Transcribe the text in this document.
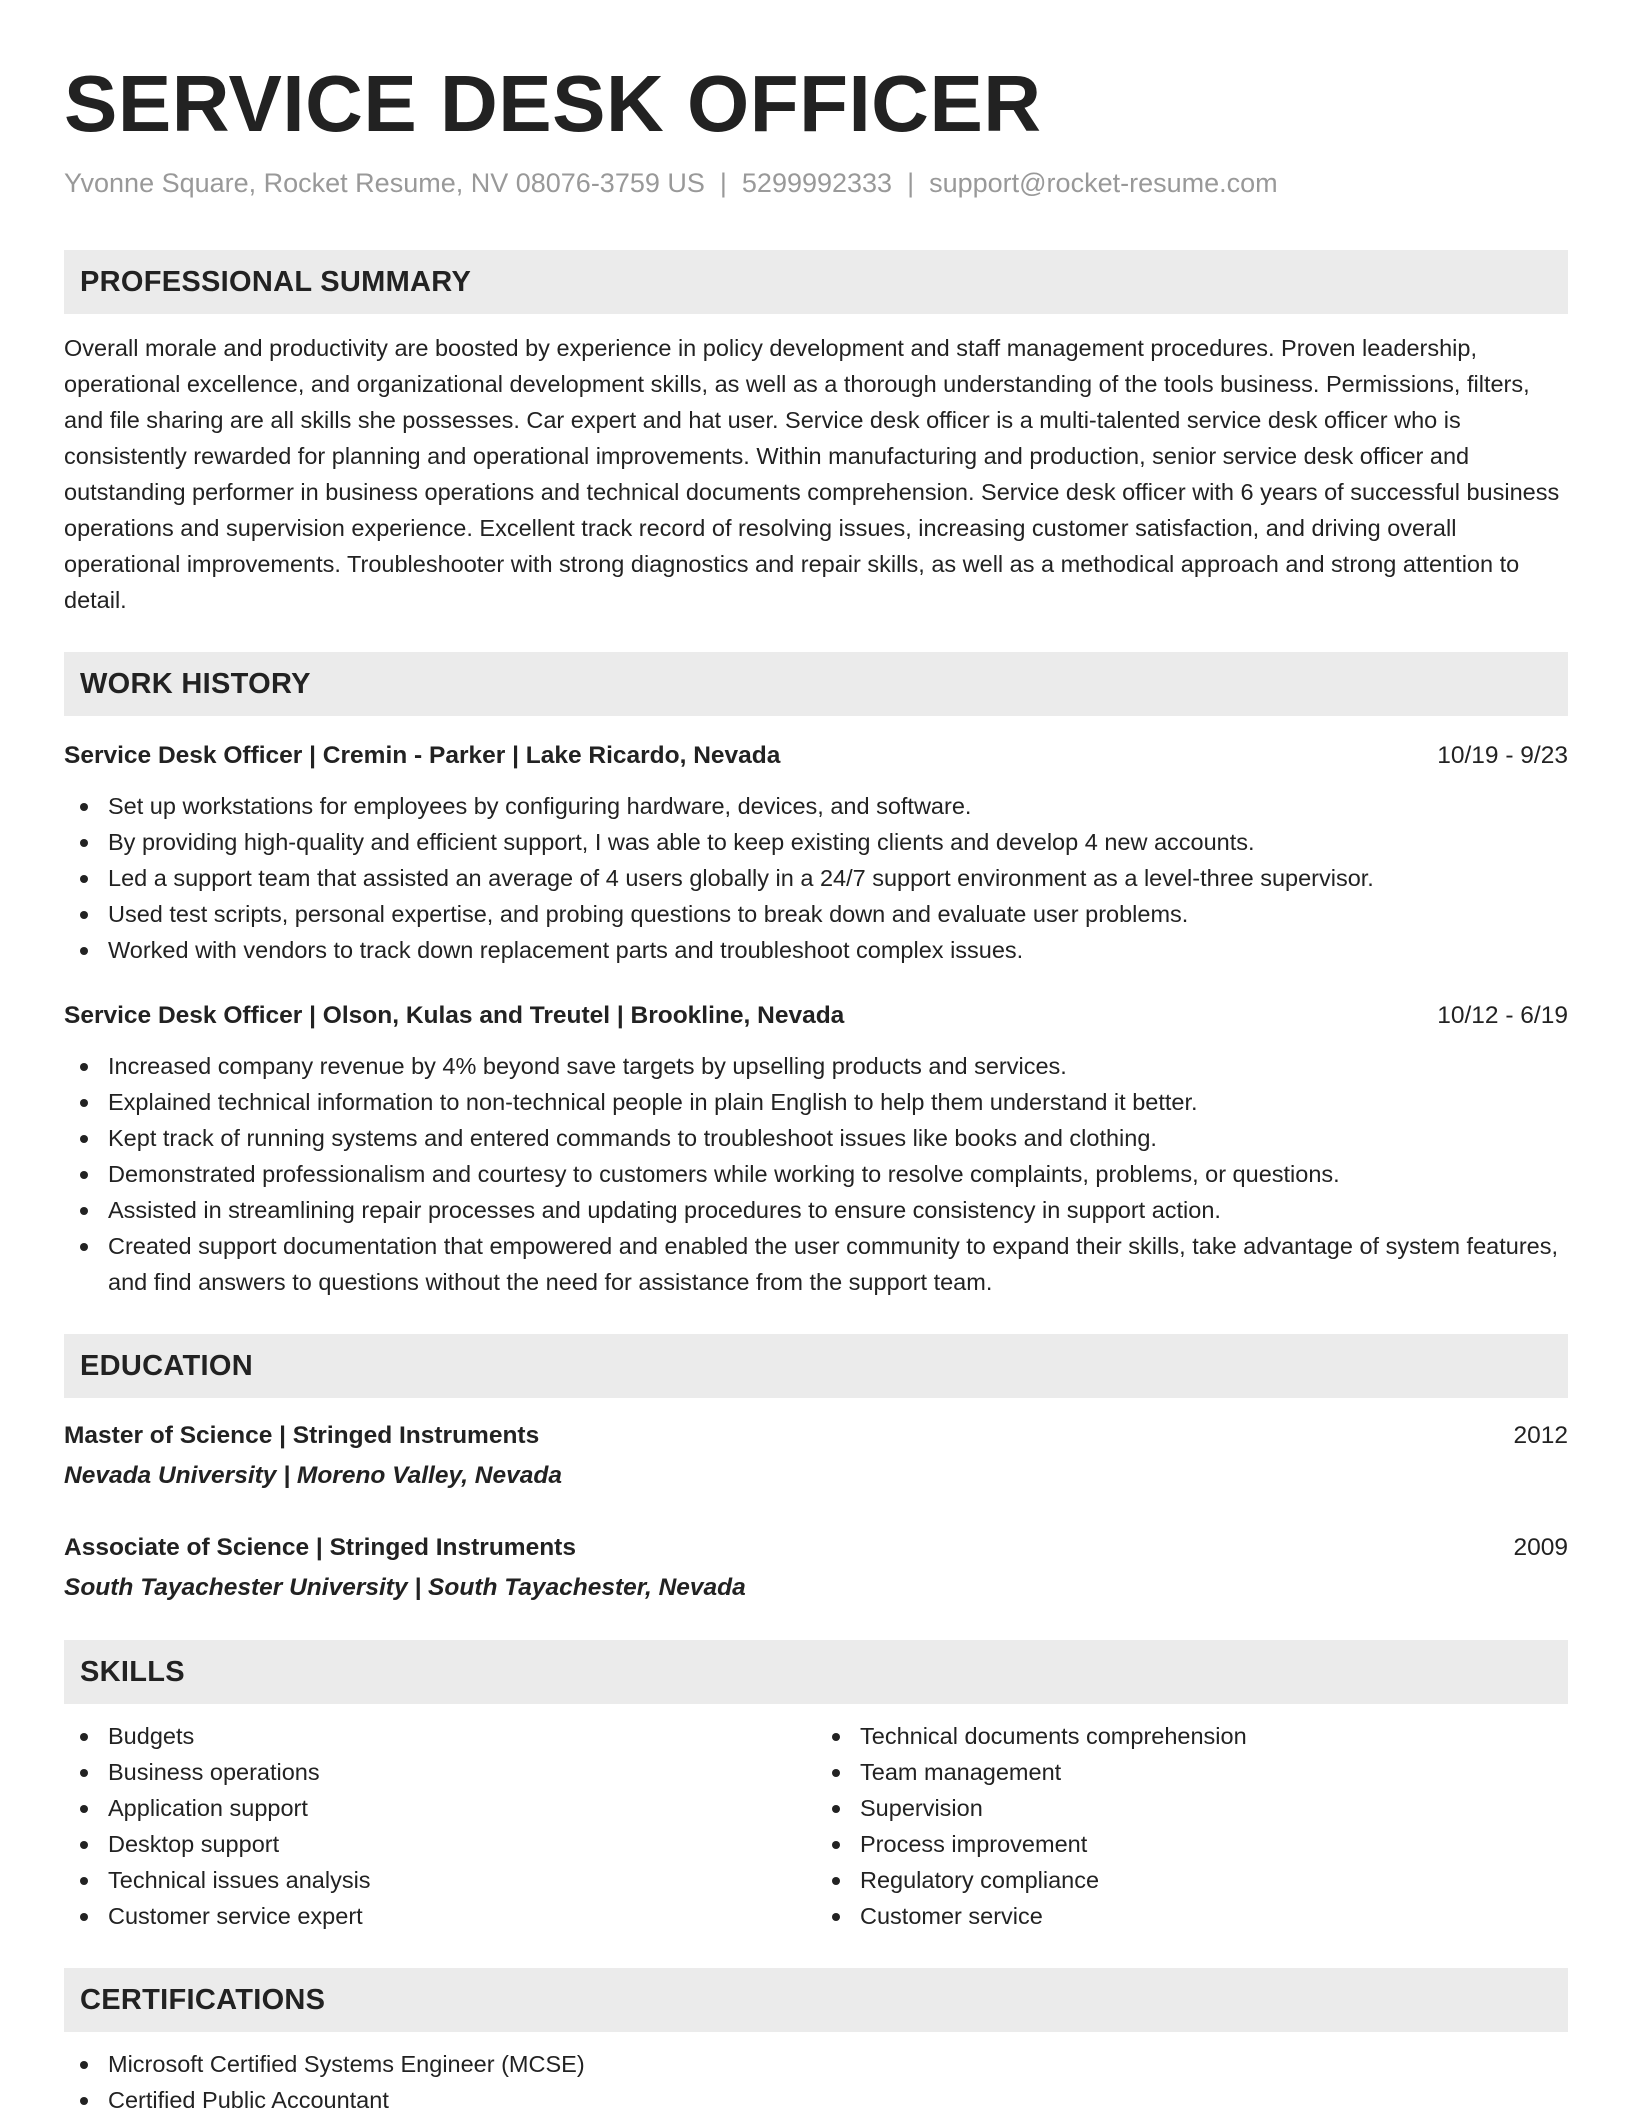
SERVICE DESK OFFICER
Yvonne Square, Rocket Resume, NV 08076-3759 US | 5299992333 | support@rocket-resume.com
PROFESSIONAL SUMMARY
Overall morale and productivity are boosted by experience in policy development and staff management procedures. Proven leadership, operational excellence, and organizational development skills, as well as a thorough understanding of the tools business. Permissions, filters, and file sharing are all skills she possesses. Car expert and hat user. Service desk officer is a multi-talented service desk officer who is consistently rewarded for planning and operational improvements. Within manufacturing and production, senior service desk officer and outstanding performer in business operations and technical documents comprehension. Service desk officer with 6 years of successful business operations and supervision experience. Excellent track record of resolving issues, increasing customer satisfaction, and driving overall operational improvements. Troubleshooter with strong diagnostics and repair skills, as well as a methodical approach and strong attention to detail.
WORK HISTORY
Service Desk Officer | Cremin - Parker | Lake Ricardo, Nevada	10/19 - 9/23
Set up workstations for employees by configuring hardware, devices, and software.
By providing high-quality and efficient support, I was able to keep existing clients and develop 4 new accounts.
Led a support team that assisted an average of 4 users globally in a 24/7 support environment as a level-three supervisor.
Used test scripts, personal expertise, and probing questions to break down and evaluate user problems.
Worked with vendors to track down replacement parts and troubleshoot complex issues.
Service Desk Officer | Olson, Kulas and Treutel | Brookline, Nevada	10/12 - 6/19
Increased company revenue by 4% beyond save targets by upselling products and services.
Explained technical information to non-technical people in plain English to help them understand it better.
Kept track of running systems and entered commands to troubleshoot issues like books and clothing.
Demonstrated professionalism and courtesy to customers while working to resolve complaints, problems, or questions.
Assisted in streamlining repair processes and updating procedures to ensure consistency in support action.
Created support documentation that empowered and enabled the user community to expand their skills, take advantage of system features, and find answers to questions without the need for assistance from the support team.
EDUCATION
Master of Science | Stringed Instruments	2012
Nevada University | Moreno Valley, Nevada
Associate of Science | Stringed Instruments	2009
South Tayachester University | South Tayachester, Nevada
SKILLS
Budgets
Business operations
Application support
Desktop support
Technical issues analysis
Customer service expert
Technical documents comprehension
Team management
Supervision
Process improvement
Regulatory compliance
Customer service
CERTIFICATIONS
Microsoft Certified Systems Engineer (MCSE)
Certified Public Accountant
